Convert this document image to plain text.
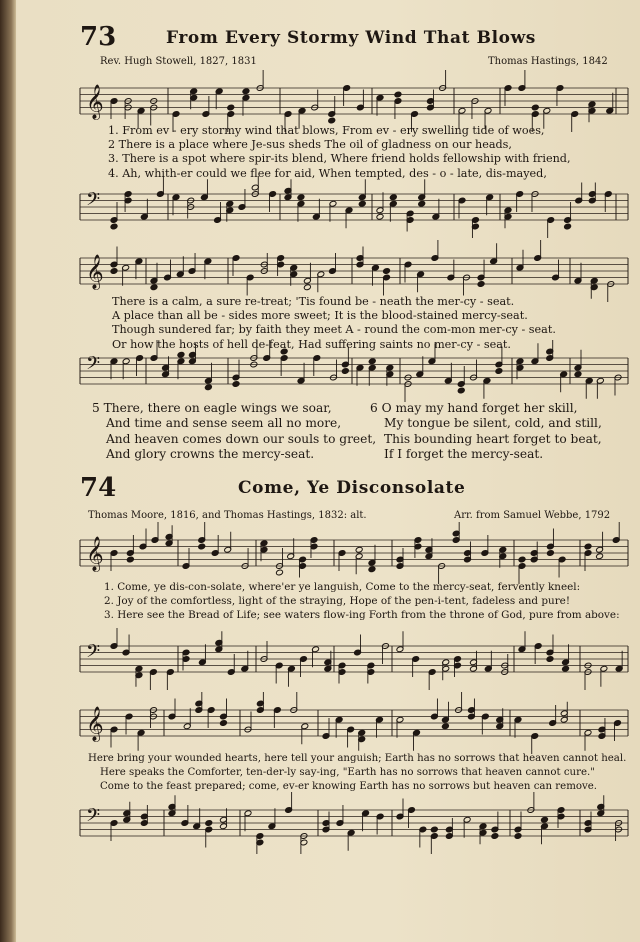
73	From Every Stormy Wind That Blows
Rev. Hugh Stowell, 1827, 1831	Thomas Hastings, 1842
𝄞
𝄢
1. From ev - ery stormy wind that blows, From ev - ery swelling tide of woes,
2 There is a place where Je-sus sheds The oil of gladness on our heads,
3. There is a spot where spir-its blend, Where friend holds fellowship with friend,
4. Ah, whith-er could we flee for aid, When tempted, des - o - late, dis-mayed,
𝄞
𝄢
There is a calm, a sure re-treat; 'Tis found be - neath the mer-cy - seat.
A place than all be - sides more sweet; It is the blood-stained mercy-seat.
Though sundered far; by faith they meet A - round the com-mon mer-cy - seat.
Or how the hosts of hell de-feat, Had suffering saints no mer-cy - seat.
5 There, there on eagle wings we soar,
And time and sense seem all no more,
And heaven comes down our souls to greet,
And glory crowns the mercy-seat.
6 O may my hand forget her skill,
My tongue be silent, cold, and still,
This bounding heart forget to beat,
If I forget the mercy-seat.
74	Come, Ye Disconsolate
Thomas Moore, 1816, and Thomas Hastings, 1832: alt.	Arr. from Samuel Webbe, 1792
𝄞
𝄢
1. Come, ye dis-con-solate, where'er ye languish, Come to the mercy-seat, fervently kneel:
2. Joy of the comfortless, light of the straying, Hope of the pen-i-tent, fadeless and pure!
3. Here see the Bread of Life; see waters flow-ing Forth from the throne of God, pure from above:
𝄞
𝄢
Here bring your wounded hearts, here tell your anguish; Earth has no sorrows that heaven cannot heal.
Here speaks the Comforter, ten-der-ly say-ing, "Earth has no sorrows that heaven cannot cure."
Come to the feast prepared; come, ev-er knowing Earth has no sorrows but heaven can remove.
